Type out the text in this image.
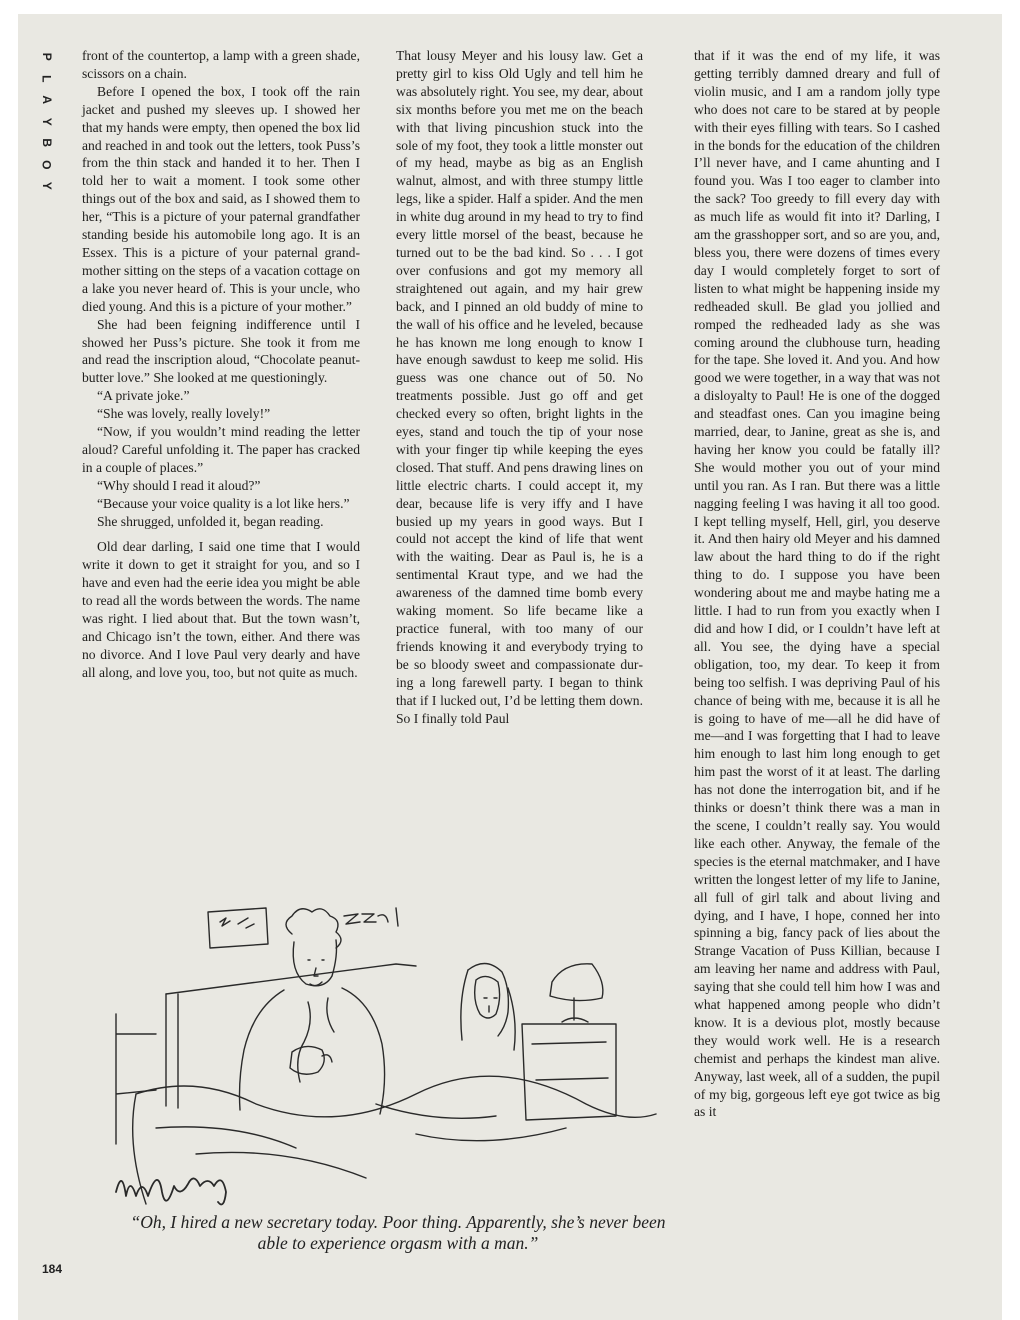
P
L
A
Y
B
O
Y

front of the countertop, a lamp with a green shade, scissors on a chain.

Before I opened the box, I took off the rain jacket and pushed my sleeves up. I showed her that my hands were empty, then opened the box lid and reached in and took out the letters, took Puss’s from the thin stack and handed it to her. Then I told her to wait a moment. I took some other things out of the box and said, as I showed them to her, “This is a picture of your paternal grandfather standing beside his automobile long ago. It is an Essex. This is a picture of your paternal grandmother sitting on the steps of a vacation cottage on a lake you never heard of. This is your uncle, who died young. And this is a picture of your mother.”

She had been feigning indifference until I showed her Puss’s picture. She took it from me and read the inscription aloud, “Chocolate peanut-butter love.” She looked at me questioningly.

“A private joke.”

“She was lovely, really lovely!”

“Now, if you wouldn’t mind reading the letter aloud? Careful unfolding it. The paper has cracked in a couple of places.”

“Why should I read it aloud?”

“Because your voice quality is a lot like hers.”

She shrugged, unfolded it, began reading.

Old dear darling, I said one time that I would write it down to get it straight for you, and so I have and even had the eerie idea you might be able to read all the words between the words. The name was right. I lied about that. But the town wasn’t, and Chicago isn’t the town, either. And there was no divorce. And I love Paul very dearly and have all along, and love you, too, but not quite as much.

That lousy Meyer and his lousy law. Get a pretty girl to kiss Old Ugly and tell him he was absolutely right. You see, my dear, about six months before you met me on the beach with that living pincushion stuck into the sole of my foot, they took a little monster out of my head, maybe as big as an English walnut, almost, and with three stumpy little legs, like a spider. Half a spider. And the men in white dug around in my head to try to find every little morsel of the beast, because he turned out to be the bad kind. So . . . I got over confusions and got my memory all straightened out again, and my hair grew back, and I pinned an old buddy of mine to the wall of his office and he leveled, because he has known me long enough to know I have enough sawdust to keep me solid. His guess was one chance out of 50. No treatments possible. Just go off and get checked every so often, bright lights in the eyes, stand and touch the tip of your nose with your finger tip while keeping the eyes closed. That stuff. And pens drawing lines on little electric charts. I could accept it, my dear, because life is very iffy and I have busied up my years in good ways. But I could not accept the kind of life that went with the waiting. Dear as Paul is, he is a sentimental Kraut type, and we had the awareness of the damned time bomb every waking moment. So life became like a practice funeral, with too many of our friends knowing it and everybody trying to be so bloody sweet and compassionate during a long farewell party. I began to think that if I lucked out, I’d be letting them down. So I finally told Paul

that if it was the end of my life, it was getting terribly damned dreary and full of violin music, and I am a random jolly type who does not care to be stared at by people with their eyes filling with tears. So I cashed in the bonds for the education of the children I’ll never have, and I came ahunting and I found you. Was I too eager to clamber into the sack? Too greedy to fill every day with as much life as would fit into it? Darling, I am the grasshopper sort, and so are you, and, bless you, there were dozens of times every day I would completely forget to sort of listen to what might be happening inside my redheaded skull. Be glad you jollied and romped the redheaded lady as she was coming around the clubhouse turn, heading for the tape. She loved it. And you. And how good we were together, in a way that was not a disloyalty to Paul! He is one of the dogged and steadfast ones. Can you imagine being married, dear, to Janine, great as she is, and having her know you could be fatally ill? She would mother you out of your mind until you ran. As I ran. But there was a little nagging feeling I was having it all too good. I kept telling myself, Hell, girl, you deserve it. And then hairy old Meyer and his damned law about the hard thing to do if the right thing to do. I suppose you have been wondering about me and maybe hating me a little. I had to run from you exactly when I did and how I did, or I couldn’t have left at all. You see, the dying have a special obligation, too, my dear. To keep it from being too selfish. I was depriving Paul of his chance of being with me, because it is all he is going to have of me—all he did have of me—and I was forgetting that I had to leave him enough to last him long enough to get him past the worst of it at least. The darling has not done the interrogation bit, and if he thinks or doesn’t think there was a man in the scene, I couldn’t really say. You would like each other. Anyway, the female of the species is the eternal matchmaker, and I have written the longest letter of my life to Janine, all full of girl talk and about living and dying, and I have, I hope, conned her into spinning a big, fancy pack of lies about the Strange Vacation of Puss Killian, because I am leaving her name and address with Paul, saying that she could tell him how I was and what happened among people who didn’t know. It is a devious plot, mostly because they would work well. He is a research chemist and perhaps the kindest man alive. Anyway, last week, all of a sudden, the pupil of my big, gorgeous left eye got twice as big as it

“Oh, I hired a new secretary today. Poor thing. Apparently, she’s never been able to experience orgasm with a man.”
184
